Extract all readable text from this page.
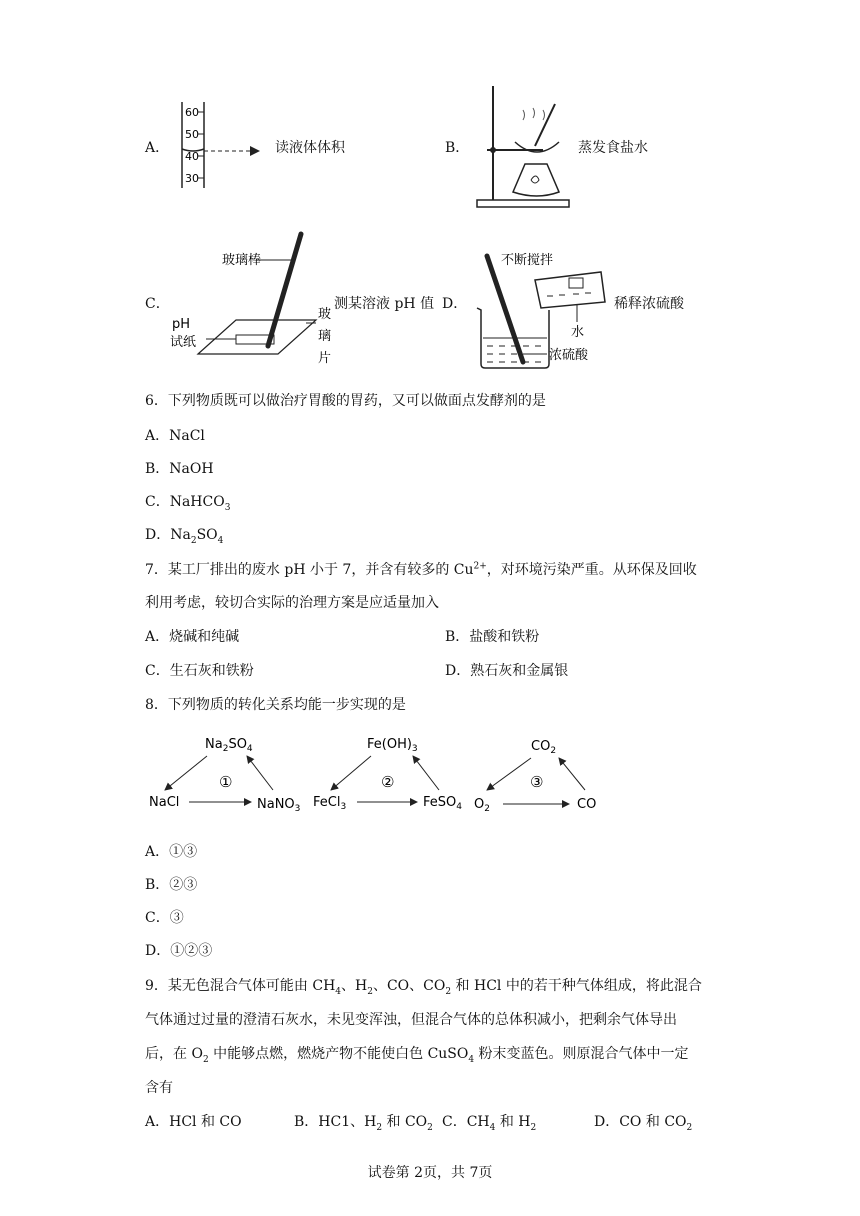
A．
60
50
40
30
读液体体积	B．	蒸发食盐水
C．
玻璃棒
pH
试纸
玻
璃
片
测某溶液 pH 值 D．
不断搅拌
水
浓硫酸
稀释浓硫酸
6．下列物质既可以做治疗胃酸的胃药，又可以做面点发酵剂的是
A．NaCl
B．NaOH
C．NaHCO$_3$
D．$Na_2SO_4$
7．某工厂排出的废水 pH 小于 7，并含有较多的 $Cu^{2+}$，对环境污染严重。从环保及回收
利用考虑，较切合实际的治理方案是应适量加入
A．烧碱和纯碱	B．盐酸和铁粉
C．生石灰和铁粉	D．熟石灰和金属银
8．下列物质的转化关系均能一步实现的是
$Na_2SO_4$
NaCl	NaNO$_3$
①
$Fe(OH)_3$
FeCl$_3$	FeSO$_4$
②
$CO_2$
$O_2$	CO
③
A．①③
B．②③
C．③
D．①②③
9．某无色混合气体可能由 $CH_4$、$H_2$、CO、$CO_2$ 和 HCl 中的若干种气体组成，将此混合
气体通过过量的澄清石灰水，未见变浑浊，但混合气体的总体积减小，把剩余气体导出
后，在 $O_2$ 中能够点燃，燃烧产物不能使白色 CuSO$_4$ 粉末变蓝色。则原混合气体中一定
含有
A．HCl 和 CO	B．HC1、$H_2$ 和 $CO_2$ C．$CH_4$ 和 $H_2$	D．CO 和 $CO_2$
试卷第 2页，共 7页
